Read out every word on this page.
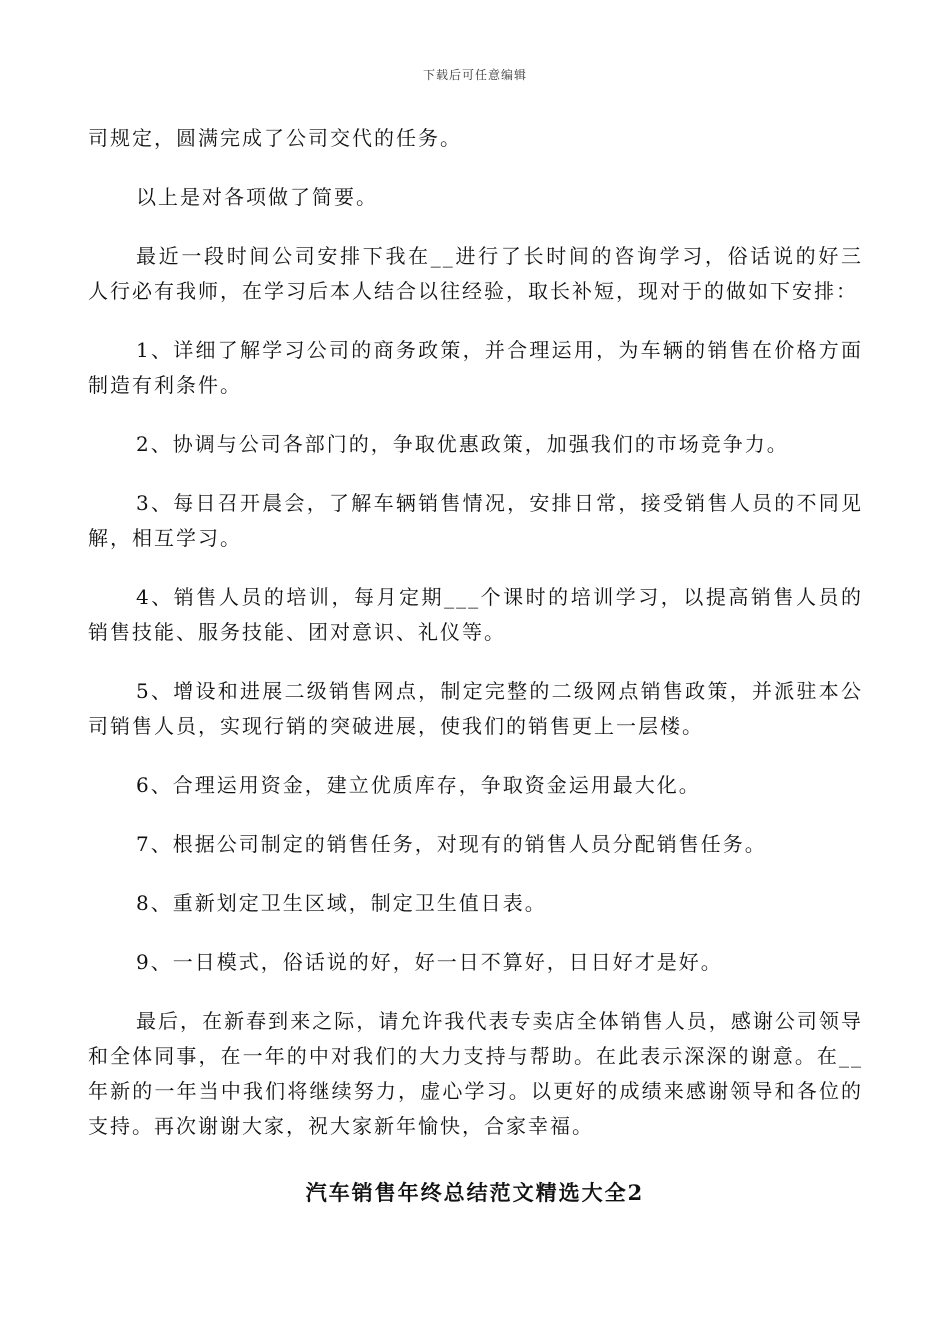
下载后可任意编辑

司规定，圆满完成了公司交代的任务。

以上是对各项做了简要。

最近一段时间公司安排下我在__进行了长时间的咨询学习，俗话说的好三人行必有我师，在学习后本人结合以往经验，取长补短，现对于的做如下安排：

1、详细了解学习公司的商务政策，并合理运用，为车辆的销售在价格方面制造有利条件。

2、协调与公司各部门的，争取优惠政策，加强我们的市场竞争力。

3、每日召开晨会，了解车辆销售情况，安排日常，接受销售人员的不同见解，相互学习。

4、销售人员的培训，每月定期___个课时的培训学习，以提高销售人员的销售技能、服务技能、团对意识、礼仪等。

5、增设和进展二级销售网点，制定完整的二级网点销售政策，并派驻本公司销售人员，实现行销的突破进展，使我们的销售更上一层楼。

6、合理运用资金，建立优质库存，争取资金运用最大化。

7、根据公司制定的销售任务，对现有的销售人员分配销售任务。

8、重新划定卫生区域，制定卫生值日表。

9、一日模式，俗话说的好，好一日不算好，日日好才是好。

最后，在新春到来之际，请允许我代表专卖店全体销售人员，感谢公司领导和全体同事，在一年的中对我们的大力支持与帮助。在此表示深深的谢意。在__年新的一年当中我们将继续努力，虚心学习。以更好的成绩来感谢领导和各位的支持。再次谢谢大家，祝大家新年愉快，合家幸福。

汽车销售年终总结范文精选大全2
